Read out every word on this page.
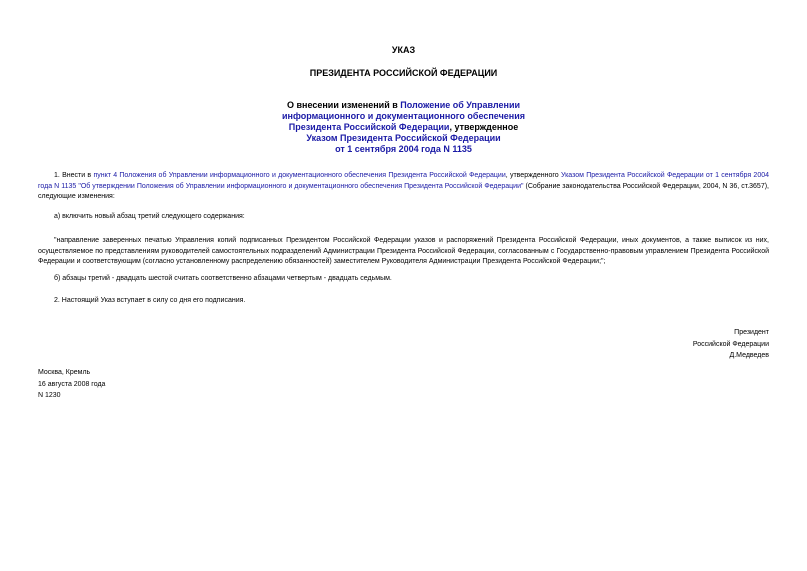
УКАЗ

ПРЕЗИДЕНТА РОССИЙСКОЙ ФЕДЕРАЦИИ

О внесении изменений в Положение об Управлении
информационного и документационного обеспечения
Президента Российской Федерации, утвержденное
Указом Президента Российской Федерации
от 1 сентября 2004 года N 1135

1. Внести в пункт 4 Положения об Управлении информационного и документационного обеспечения Президента Российской Федерации, утвержденного Указом Президента Российской Федерации от 1 сентября 2004 года N 1135 "Об утверждении Положения об Управлении информационного и документационного обеспечения Президента Российской Федерации" (Собрание законодательства Российской Федерации, 2004, N 36, ст.3657), следующие изменения:

а) включить новый абзац третий следующего содержания:

"направление заверенных печатью Управления копий подписанных Президентом Российской Федерации указов и распоряжений Президента Российской Федерации, иных документов, а также выписок из них, осуществляемое по представлениям руководителей самостоятельных подразделений Администрации Президента Российской Федерации, согласованным с Государственно-правовым управлением Президента Российской Федерации и соответствующим (согласно установленному распределению обязанностей) заместителем Руководителя Администрации Президента Российской Федерации;";

б) абзацы третий - двадцать шестой считать соответственно абзацами четвертым - двадцать седьмым.

2. Настоящий Указ вступает в силу со дня его подписания.

Президент
Российской Федерации
Д.Медведев
Москва, Кремль
16 августа 2008 года
N 1230
